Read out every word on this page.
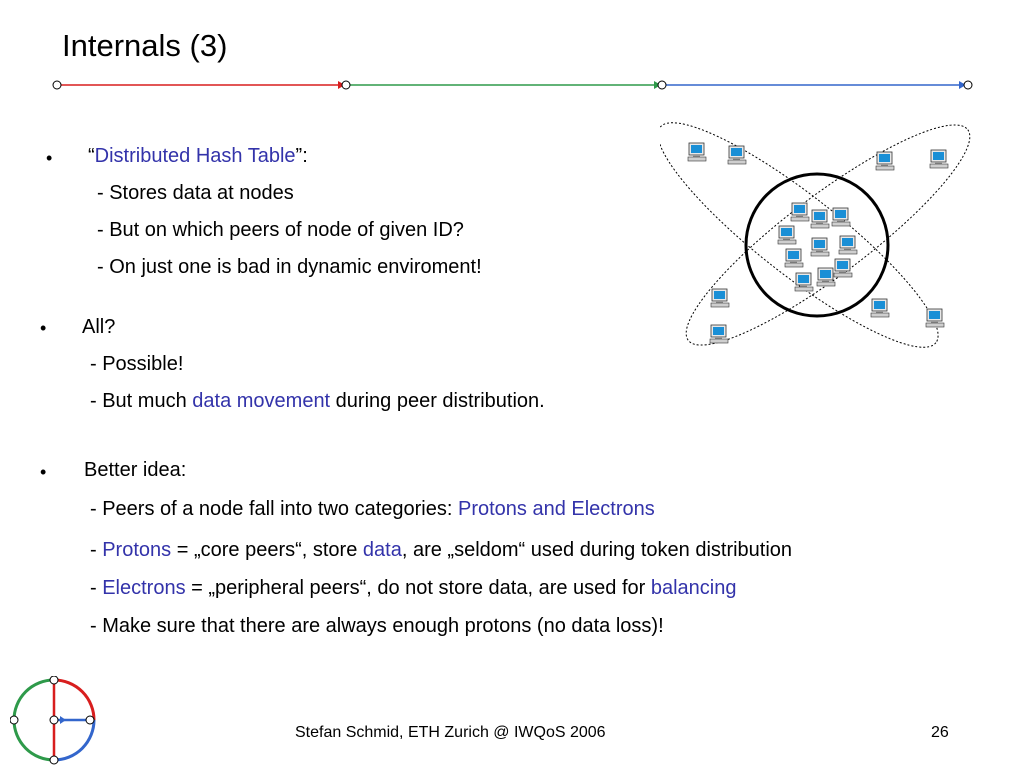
Internals (3)
• “Distributed Hash Table”:
- Stores data at nodes
- But on which peers of node of given ID?
- On just one is bad in dynamic enviroment!
• All?
- Possible!
- But much data movement during peer distribution.
• Better idea:
- Peers of a node fall into two categories: Protons and Electrons
- Protons = „core peers“, store data, are „seldom“ used during token distribution
- Electrons = „peripheral peers“, do not store data, are used for balancing
- Make sure that there are always enough protons (no data loss)!
Stefan Schmid, ETH Zurich @ IWQoS 2006	26
